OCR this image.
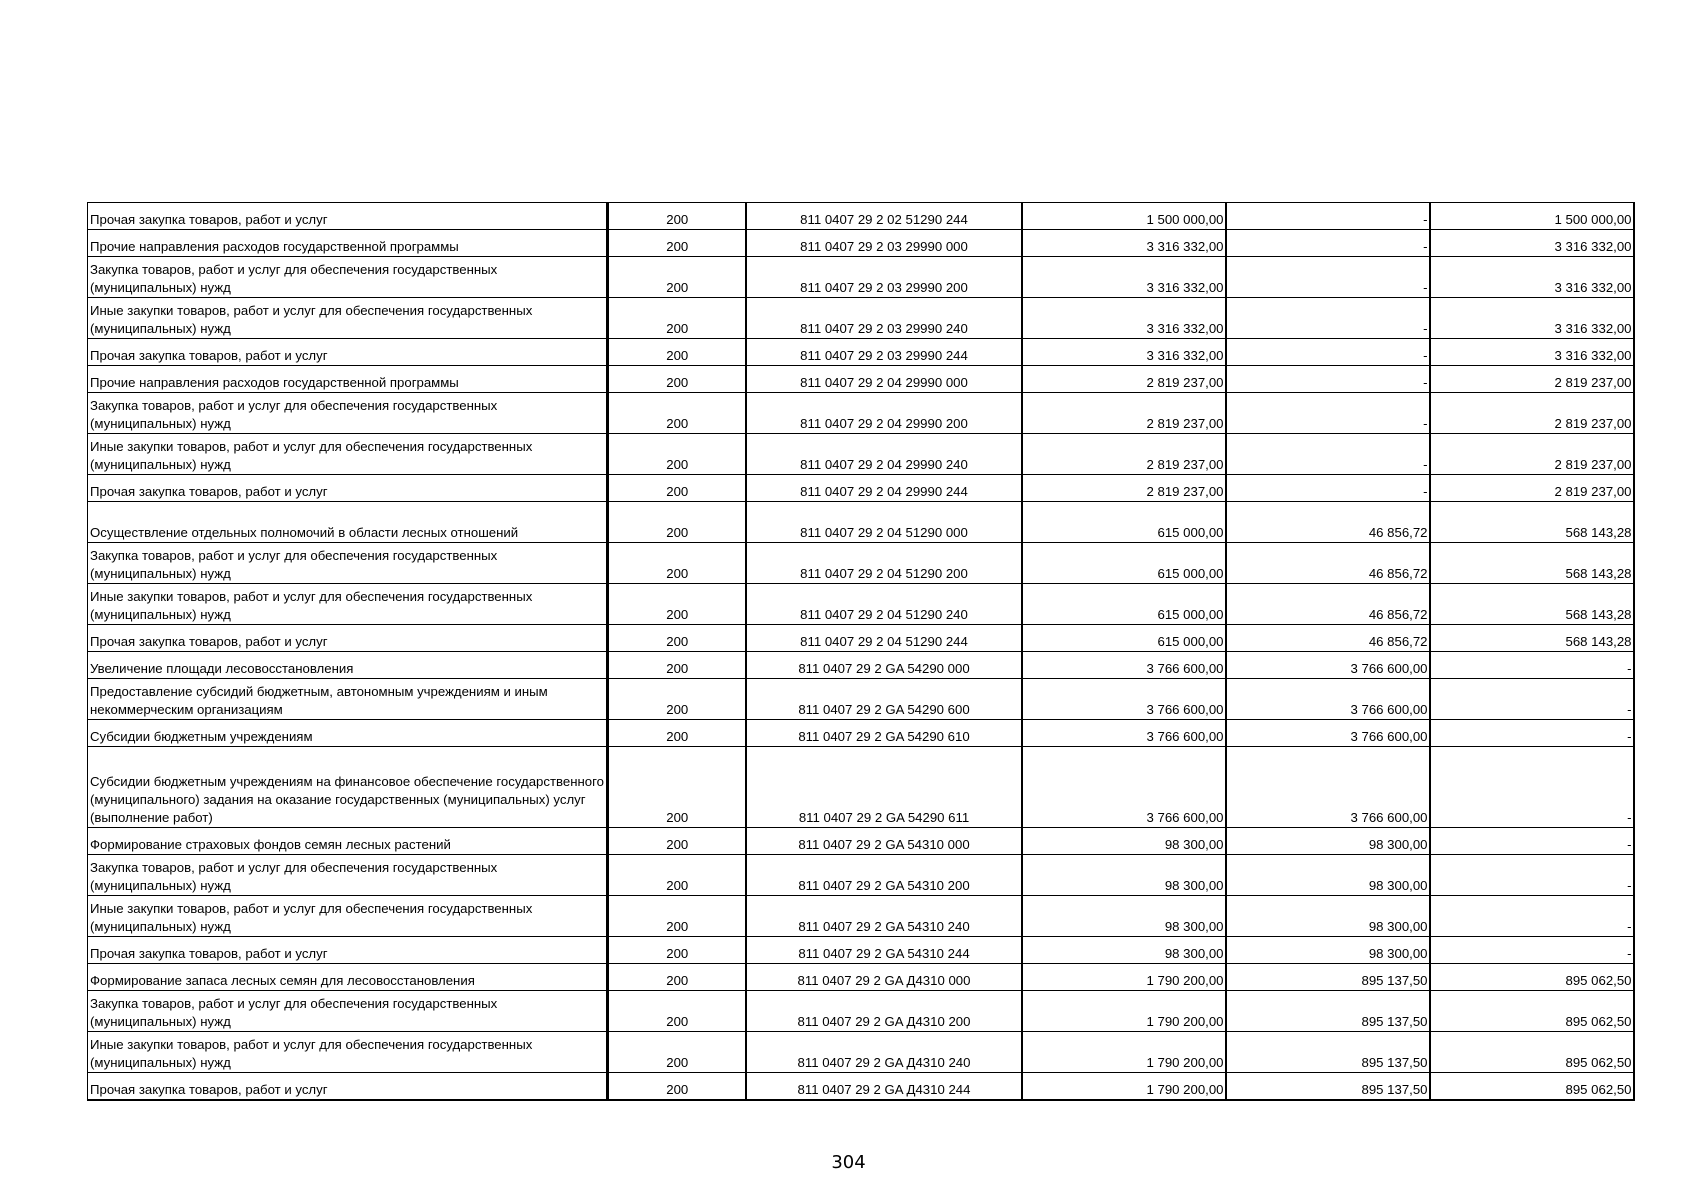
Прочая закупка товаров, работ и услуг	200	811 0407 29 2 02 51290 244	1 500 000,00	-	1 500 000,00
Прочие направления расходов государственной программы	200	811 0407 29 2 03 29990 000	3 316 332,00	-	3 316 332,00
Закупка товаров, работ и услуг для обеспечения государственных (муниципальных) нужд	200	811 0407 29 2 03 29990 200	3 316 332,00	-	3 316 332,00
Иные закупки товаров, работ и услуг для обеспечения государственных (муниципальных) нужд	200	811 0407 29 2 03 29990 240	3 316 332,00	-	3 316 332,00
Прочая закупка товаров, работ и услуг	200	811 0407 29 2 03 29990 244	3 316 332,00	-	3 316 332,00
Прочие направления расходов государственной программы	200	811 0407 29 2 04 29990 000	2 819 237,00	-	2 819 237,00
Закупка товаров, работ и услуг для обеспечения государственных (муниципальных) нужд	200	811 0407 29 2 04 29990 200	2 819 237,00	-	2 819 237,00
Иные закупки товаров, работ и услуг для обеспечения государственных (муниципальных) нужд	200	811 0407 29 2 04 29990 240	2 819 237,00	-	2 819 237,00
Прочая закупка товаров, работ и услуг	200	811 0407 29 2 04 29990 244	2 819 237,00	-	2 819 237,00
Осуществление отдельных полномочий в области лесных отношений	200	811 0407 29 2 04 51290 000	615 000,00	46 856,72	568 143,28
Закупка товаров, работ и услуг для обеспечения государственных (муниципальных) нужд	200	811 0407 29 2 04 51290 200	615 000,00	46 856,72	568 143,28
Иные закупки товаров, работ и услуг для обеспечения государственных (муниципальных) нужд	200	811 0407 29 2 04 51290 240	615 000,00	46 856,72	568 143,28
Прочая закупка товаров, работ и услуг	200	811 0407 29 2 04 51290 244	615 000,00	46 856,72	568 143,28
Увеличение площади лесовосстановления	200	811 0407 29 2 GA 54290 000	3 766 600,00	3 766 600,00	-
Предоставление субсидий бюджетным, автономным учреждениям и иным некоммерческим организациям	200	811 0407 29 2 GA 54290 600	3 766 600,00	3 766 600,00	-
Субсидии бюджетным учреждениям	200	811 0407 29 2 GA 54290 610	3 766 600,00	3 766 600,00	-
Субсидии бюджетным учреждениям на финансовое обеспечение государственного (муниципального) задания на оказание государственных (муниципальных) услуг (выполнение работ)	200	811 0407 29 2 GA 54290 611	3 766 600,00	3 766 600,00	-
Формирование страховых фондов семян лесных растений	200	811 0407 29 2 GA 54310 000	98 300,00	98 300,00	-
Закупка товаров, работ и услуг для обеспечения государственных (муниципальных) нужд	200	811 0407 29 2 GA 54310 200	98 300,00	98 300,00	-
Иные закупки товаров, работ и услуг для обеспечения государственных (муниципальных) нужд	200	811 0407 29 2 GA 54310 240	98 300,00	98 300,00	-
Прочая закупка товаров, работ и услуг	200	811 0407 29 2 GA 54310 244	98 300,00	98 300,00	-
Формирование запаса лесных семян для лесовосстановления	200	811 0407 29 2 GA Д4310 000	1 790 200,00	895 137,50	895 062,50
Закупка товаров, работ и услуг для обеспечения государственных (муниципальных) нужд	200	811 0407 29 2 GA Д4310 200	1 790 200,00	895 137,50	895 062,50
Иные закупки товаров, работ и услуг для обеспечения государственных (муниципальных) нужд	200	811 0407 29 2 GA Д4310 240	1 790 200,00	895 137,50	895 062,50
Прочая закупка товаров, работ и услуг	200	811 0407 29 2 GA Д4310 244	1 790 200,00	895 137,50	895 062,50
304
